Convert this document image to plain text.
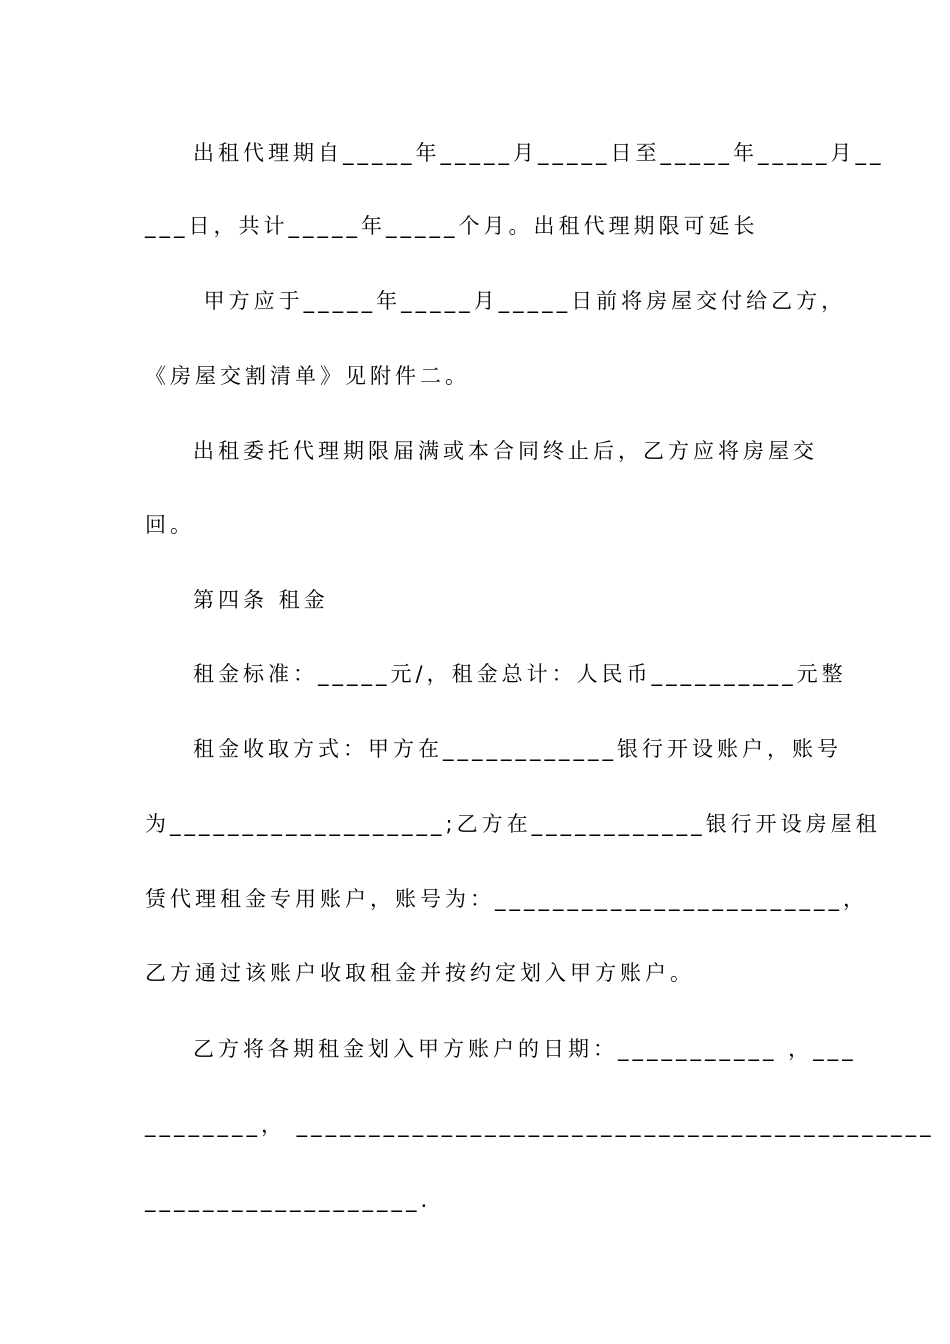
出租代理期自_____年_____月_____日至_____年_____月__
___日，共计_____年_____个月。出租代理期限可延长
甲方应于_____年_____月_____日前将房屋交付给乙方，
《房屋交割清单》见附件二。
出租委托代理期限届满或本合同终止后，乙方应将房屋交
回。
第四条 租金
租金标准：_____元/，租金总计：人民币__________元整
租金收取方式：甲方在____________银行开设账户，账号
为___________________;乙方在____________银行开设房屋租
赁代理租金专用账户，账号为：________________________，
乙方通过该账户收取租金并按约定划入甲方账户。
乙方将各期租金划入甲方账户的日期：___________ ，___
________， ____________________________________________
___________________.
